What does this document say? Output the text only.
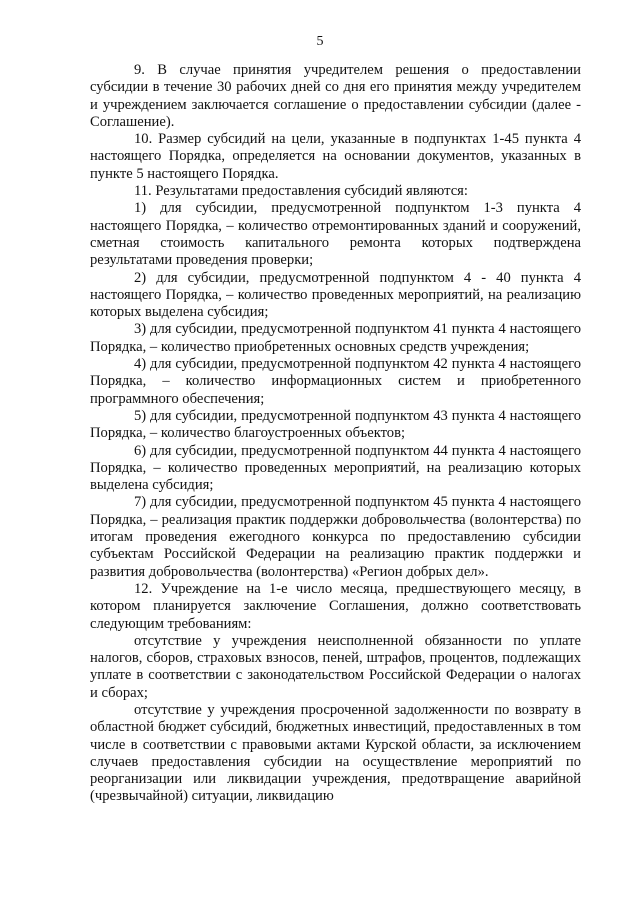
5

9. В случае принятия учредителем решения о предоставлении субсидии в течение 30 рабочих дней со дня его принятия между учредителем и учреждением заключается соглашение о предоставлении субсидии (далее - Соглашение).

10. Размер субсидий на цели, указанные в подпунктах 1-45 пункта 4 настоящего Порядка, определяется на основании документов, указанных в пункте 5 настоящего Порядка.

11. Результатами предоставления субсидий являются:

1) для субсидии, предусмотренной подпунктом 1-3 пункта 4 настоящего Порядка, – количество отремонтированных зданий и сооружений, сметная стоимость капитального ремонта которых подтверждена результатами проведения проверки;

2) для субсидии, предусмотренной подпунктом 4 - 40 пункта 4 настоящего Порядка, – количество проведенных мероприятий, на реализацию которых выделена субсидия;

3) для субсидии, предусмотренной подпунктом 41 пункта 4 настоящего Порядка, – количество приобретенных основных средств учреждения;

4) для субсидии, предусмотренной подпунктом 42 пункта 4 настоящего Порядка, – количество информационных систем и приобретенного программного обеспечения;

5) для субсидии, предусмотренной подпунктом 43 пункта 4 настоящего Порядка, – количество благоустроенных объектов;

6) для субсидии, предусмотренной подпунктом 44 пункта 4 настоящего Порядка, – количество проведенных мероприятий, на реализацию которых выделена субсидия;

7) для субсидии, предусмотренной подпунктом 45 пункта 4 настоящего Порядка, – реализация практик поддержки добровольчества (волонтерства) по итогам проведения ежегодного конкурса по предоставлению субсидии субъектам Российской Федерации на реализацию практик поддержки и развития добровольчества (волонтерства) «Регион добрых дел».

12. Учреждение на 1-е число месяца, предшествующего месяцу, в котором планируется заключение Соглашения, должно соответствовать следующим требованиям:

отсутствие у учреждения неисполненной обязанности по уплате налогов, сборов, страховых взносов, пеней, штрафов, процентов, подлежащих уплате в соответствии с законодательством Российской Федерации о налогах и сборах;

отсутствие у учреждения просроченной задолженности по возврату в областной бюджет субсидий, бюджетных инвестиций, предоставленных в том числе в соответствии с правовыми актами Курской области, за исключением случаев предоставления субсидии на осуществление мероприятий по реорганизации или ликвидации учреждения, предотвращение аварийной (чрезвычайной) ситуации, ликвидацию
